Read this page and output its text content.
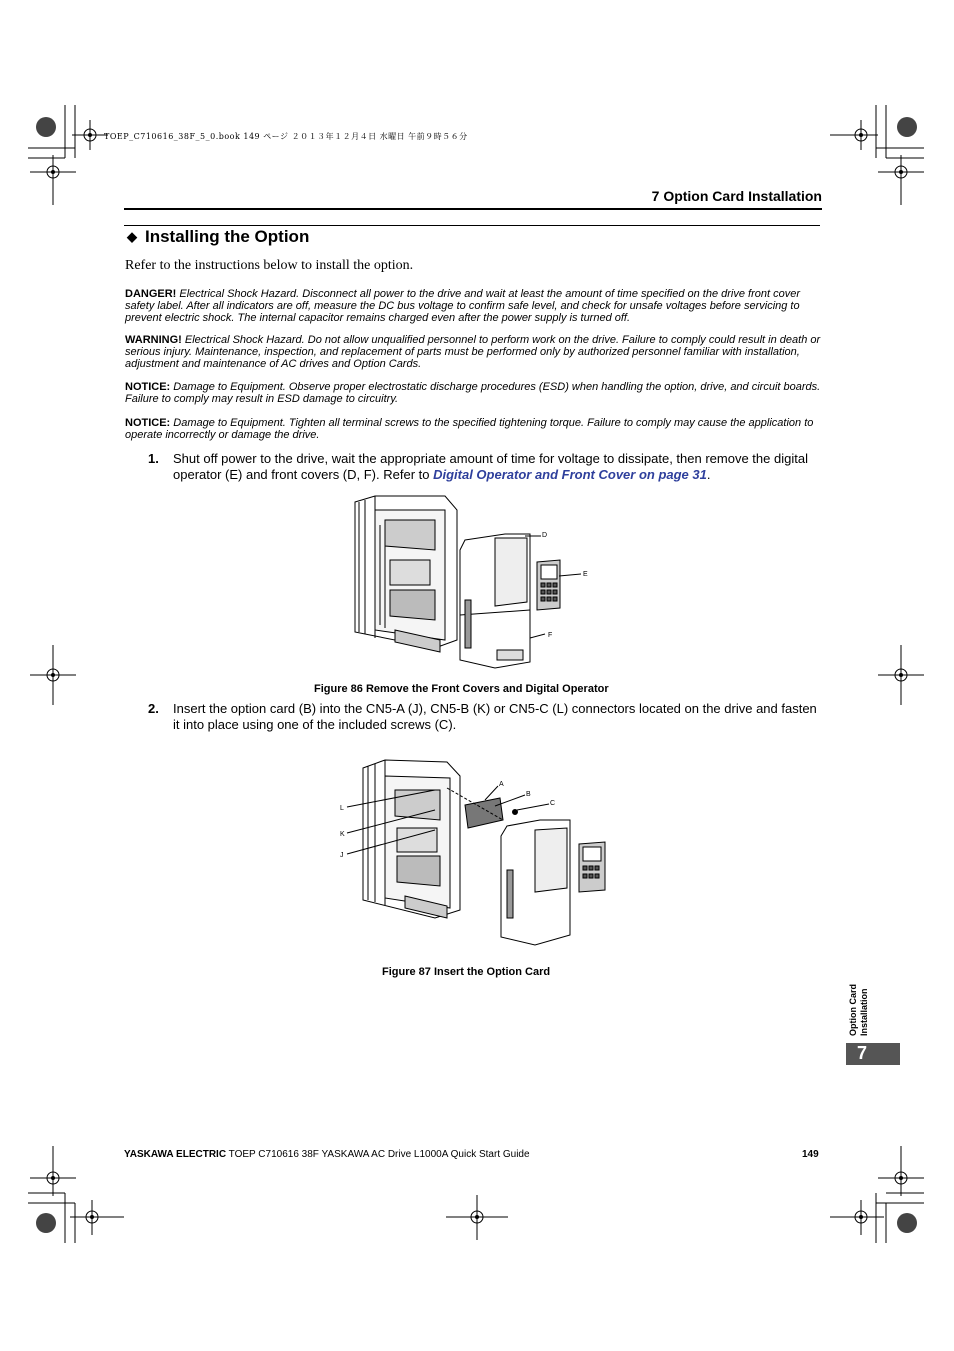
TOEP_C710616_38F_5_0.book 149 ページ ２０１３年１２月４日 水曜日 午前９時５６分
7 Option Card Installation
◆ Installing the Option
Refer to the instructions below to install the option.
DANGER! Electrical Shock Hazard. Disconnect all power to the drive and wait at least the amount of time specified on the drive front cover safety label. After all indicators are off, measure the DC bus voltage to confirm safe level, and check for unsafe voltages before servicing to prevent electric shock. The internal capacitor remains charged even after the power supply is turned off.
WARNING! Electrical Shock Hazard. Do not allow unqualified personnel to perform work on the drive. Failure to comply could result in death or serious injury. Maintenance, inspection, and replacement of parts must be performed only by authorized personnel familiar with installation, adjustment and maintenance of AC drives and Option Cards.
NOTICE: Damage to Equipment. Observe proper electrostatic discharge procedures (ESD) when handling the option, drive, and circuit boards. Failure to comply may result in ESD damage to circuitry.
NOTICE: Damage to Equipment. Tighten all terminal screws to the specified tightening torque. Failure to comply may cause the application to operate incorrectly or damage the drive.
1. Shut off power to the drive, wait the appropriate amount of time for voltage to dissipate, then remove the digital operator (E) and front covers (D, F). Refer to Digital Operator and Front Cover on page 31.
D
E
F
Figure 86 Remove the Front Covers and Digital Operator
2. Insert the option card (B) into the CN5-A (J), CN5-B (K) or CN5-C (L) connectors located on the drive and fasten it into place using one of the included screws (C).
A
B
C
L
K
J
Figure 87 Insert the Option Card
Option Card Installation
7
YASKAWA ELECTRIC TOEP C710616 38F YASKAWA AC Drive L1000A Quick Start Guide	149
